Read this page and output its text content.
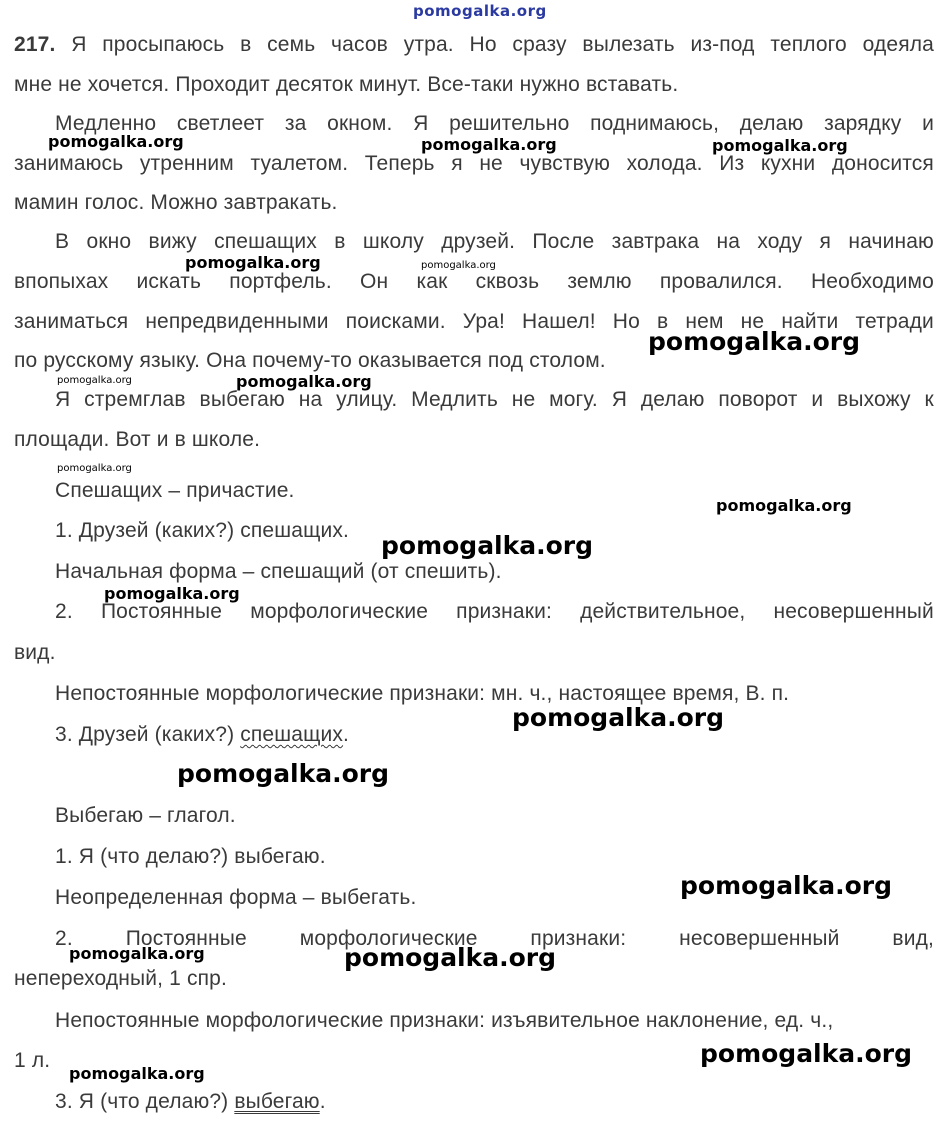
pomogalka.org
217. Я просыпаюсь в семь часов утра. Но сразу вылезать из-под теплого одеяла
мне не хочется. Проходит десяток минут. Все-таки нужно вставать.
Медленно светлеет за окном. Я решительно поднимаюсь, делаю зарядку и
занимаюсь утренним туалетом. Теперь я не чувствую холода. Из кухни доносится
мамин голос. Можно завтракать.
В окно вижу спешащих в школу друзей. После завтрака на ходу я начинаю
впопыхах искать портфель. Он как сквозь землю провалился. Необходимо
заниматься непредвиденными поисками. Ура! Нашел! Но в нем не найти тетради
по русскому языку. Она почему-то оказывается под столом.
Я стремглав выбегаю на улицу. Медлить не могу. Я делаю поворот и выхожу к
площади. Вот и в школе.
Спешащих – причастие.
1. Друзей (каких?) спешащих.
Начальная форма – спешащий (от спешить).
2. Постоянные морфологические признаки: действительное, несовершенный
вид.
Непостоянные морфологические признаки: мн. ч., настоящее время, В. п.
3. Друзей (каких?) спешащих.
Выбегаю – глагол.
1. Я (что делаю?) выбегаю.
Неопределенная форма – выбегать.
2.	Постоянные	морфологические	признаки:	несовершенный	вид,
непереходный, 1 спр.
Непостоянные морфологические признаки: изъявительное наклонение, ед. ч.,
1 л.
3. Я (что делаю?) выбегаю.
pomogalka.org	pomogalka.org	pomogalka.org
pomogalka.org	pomogalka.org
pomogalka.org
pomogalka.org	pomogalka.org
pomogalka.org
pomogalka.org
pomogalka.org
pomogalka.org
pomogalka.org
pomogalka.org
pomogalka.org
pomogalka.org	pomogalka.org
pomogalka.org
pomogalka.org
